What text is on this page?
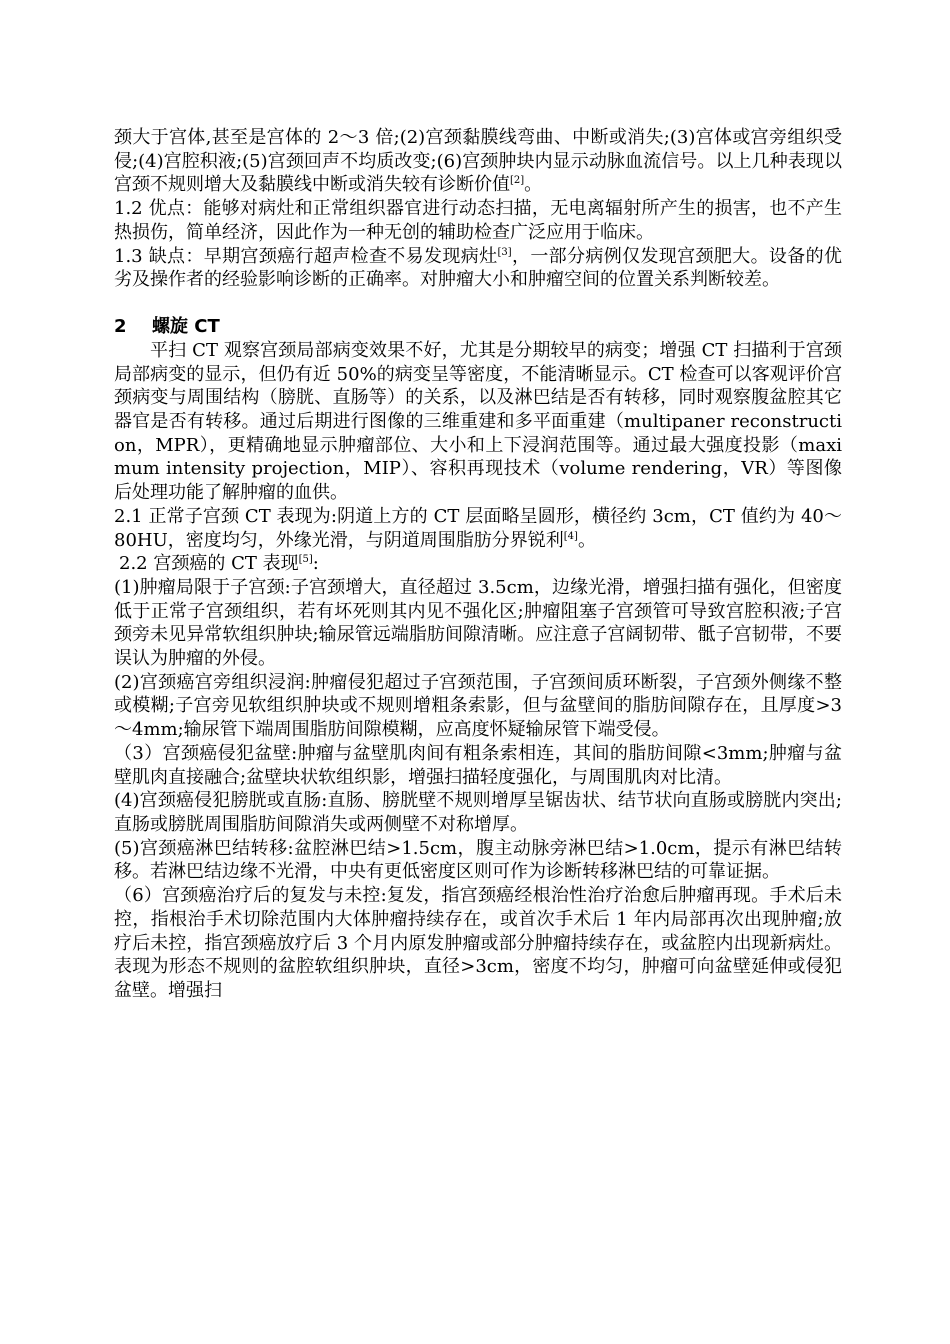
颈大于宫体,甚至是宫体的 2～3 倍;(2)宫颈黏膜线弯曲、中断或消失;(3)宫体或宫旁组织受侵;(4)宫腔积液;(5)宫颈回声不均质改变;(6)宫颈肿块内显示动脉血流信号。以上几种表现以宫颈不规则增大及黏膜线中断或消失较有诊断价值[2]。

1.2 优点：能够对病灶和正常组织器官进行动态扫描，无电离辐射所产生的损害，也不产生热损伤，简单经济，因此作为一种无创的辅助检查广泛应用于临床。

1.3 缺点：早期宫颈癌行超声检查不易发现病灶[3]，一部分病例仅发现宫颈肥大。设备的优劣及操作者的经验影响诊断的正确率。对肿瘤大小和肿瘤空间的位置关系判断较差。

2 螺旋 CT

平扫 CT 观察宫颈局部病变效果不好，尤其是分期较早的病变；增强 CT 扫描利于宫颈局部病变的显示，但仍有近 50%的病变呈等密度，不能清晰显示。CT 检查可以客观评价宫颈病变与周围结构（膀胱、直肠等）的关系，以及淋巴结是否有转移，同时观察腹盆腔其它器官是否有转移。通过后期进行图像的三维重建和多平面重建（multipaner reconstruction，MPR），更精确地显示肿瘤部位、大小和上下浸润范围等。通过最大强度投影（maximum intensity projection，MIP）、容积再现技术（volume rendering，VR）等图像后处理功能了解肿瘤的血供。

2.1 正常子宫颈 CT 表现为:阴道上方的 CT 层面略呈圆形，横径约 3cm，CT 值约为 40～80HU，密度均匀，外缘光滑，与阴道周围脂肪分界锐利[4]。

2.2 宫颈癌的 CT 表现[5]:

(1)肿瘤局限于子宫颈:子宫颈增大，直径超过 3.5cm，边缘光滑，增强扫描有强化，但密度低于正常子宫颈组织，若有坏死则其内见不强化区;肿瘤阻塞子宫颈管可导致宫腔积液;子宫颈旁未见异常软组织肿块;输尿管远端脂肪间隙清晰。应注意子宫阔韧带、骶子宫韧带，不要误认为肿瘤的外侵。

(2)宫颈癌宫旁组织浸润:肿瘤侵犯超过子宫颈范围，子宫颈间质环断裂，子宫颈外侧缘不整或模糊;子宫旁见软组织肿块或不规则增粗条索影，但与盆壁间的脂肪间隙存在，且厚度>3～4mm;输尿管下端周围脂肪间隙模糊，应高度怀疑输尿管下端受侵。

（3）宫颈癌侵犯盆壁:肿瘤与盆壁肌肉间有粗条索相连，其间的脂肪间隙<3mm;肿瘤与盆壁肌肉直接融合;盆壁块状软组织影，增强扫描轻度强化，与周围肌肉对比清。

(4)宫颈癌侵犯膀胱或直肠:直肠、膀胱壁不规则增厚呈锯齿状、结节状向直肠或膀胱内突出;直肠或膀胱周围脂肪间隙消失或两侧壁不对称增厚。

(5)宫颈癌淋巴结转移:盆腔淋巴结>1.5cm，腹主动脉旁淋巴结>1.0cm，提示有淋巴结转移。若淋巴结边缘不光滑，中央有更低密度区则可作为诊断转移淋巴结的可靠证据。

（6）宫颈癌治疗后的复发与未控:复发，指宫颈癌经根治性治疗治愈后肿瘤再现。手术后未控，指根治手术切除范围内大体肿瘤持续存在，或首次手术后 1 年内局部再次出现肿瘤;放疗后未控，指宫颈癌放疗后 3 个月内原发肿瘤或部分肿瘤持续存在，或盆腔内出现新病灶。表现为形态不规则的盆腔软组织肿块，直径>3cm，密度不均匀，肿瘤可向盆壁延伸或侵犯盆壁。增强扫
